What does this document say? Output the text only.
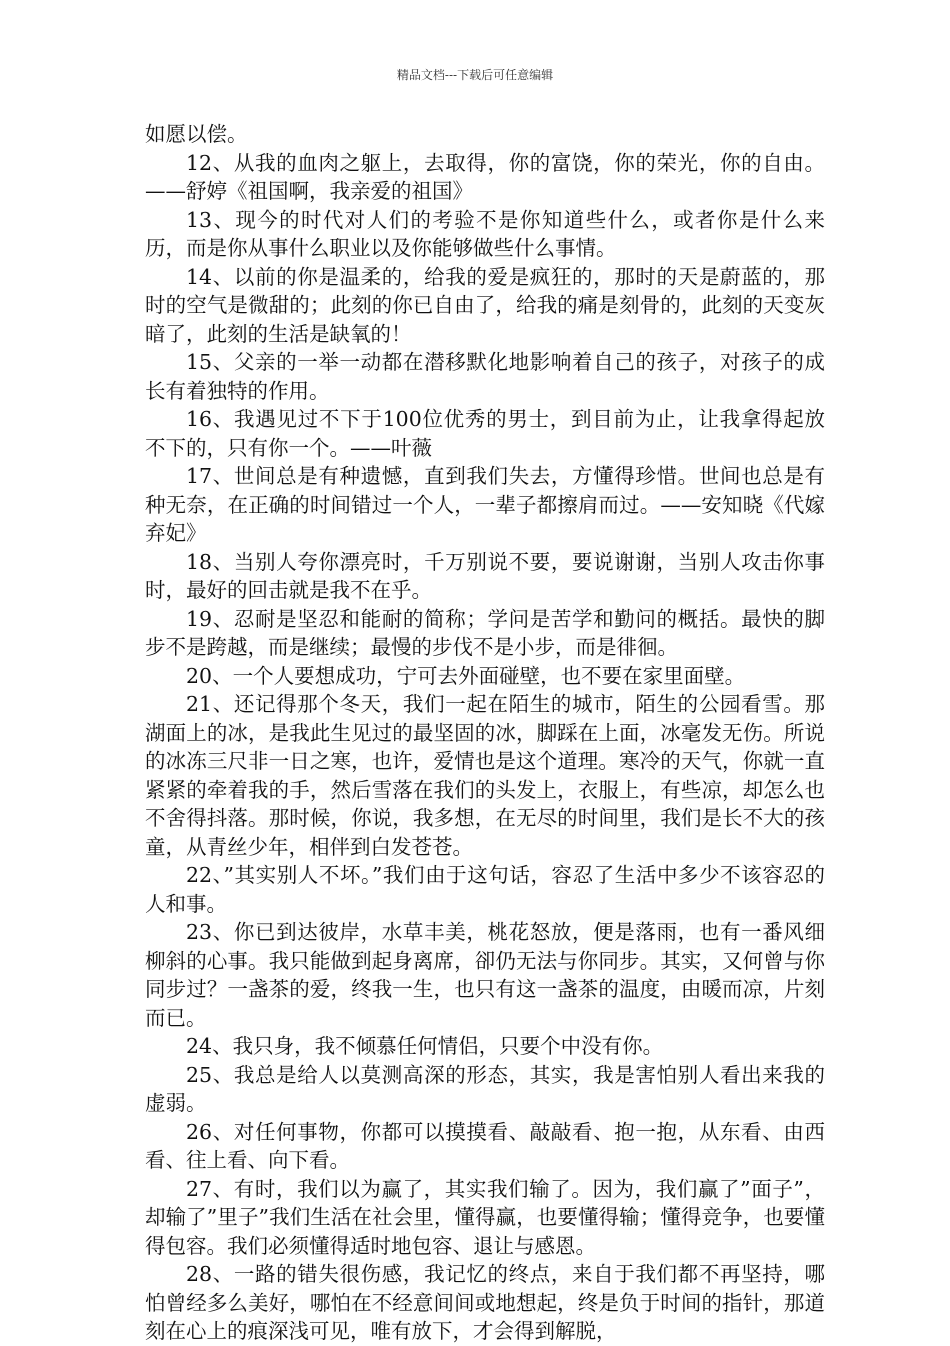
精品文档---下载后可任意编辑

如愿以偿。

12、从我的血肉之躯上，去取得，你的富饶，你的荣光，你的自由。——舒婷《祖国啊，我亲爱的祖国》

13、现今的时代对人们的考验不是你知道些什么，或者你是什么来历，而是你从事什么职业以及你能够做些什么事情。

14、以前的你是温柔的，给我的爱是疯狂的，那时的天是蔚蓝的，那时的空气是微甜的；此刻的你已自由了，给我的痛是刻骨的，此刻的天变灰暗了，此刻的生活是缺氧的！

15、父亲的一举一动都在潜移默化地影响着自己的孩子，对孩子的成长有着独特的作用。

16、我遇见过不下于100位优秀的男士，到目前为止，让我拿得起放不下的，只有你一个。——叶薇

17、世间总是有种遗憾，直到我们失去，方懂得珍惜。世间也总是有种无奈，在正确的时间错过一个人，一辈子都擦肩而过。——安知晓《代嫁弃妃》

18、当别人夸你漂亮时，千万别说不要，要说谢谢，当别人攻击你事时，最好的回击就是我不在乎。

19、忍耐是坚忍和能耐的简称；学问是苦学和勤问的概括。最快的脚步不是跨越，而是继续；最慢的步伐不是小步，而是徘徊。

20、一个人要想成功，宁可去外面碰壁，也不要在家里面壁。

21、还记得那个冬天，我们一起在陌生的城市，陌生的公园看雪。那湖面上的冰，是我此生见过的最坚固的冰，脚踩在上面，冰毫发无伤。所说的冰冻三尺非一日之寒，也许，爱情也是这个道理。寒冷的天气，你就一直紧紧的牵着我的手，然后雪落在我们的头发上，衣服上，有些凉，却怎么也不舍得抖落。那时候，你说，我多想，在无尽的时间里，我们是长不大的孩童，从青丝少年，相伴到白发苍苍。

22、”其实别人不坏。”我们由于这句话，容忍了生活中多少不该容忍的人和事。

23、你已到达彼岸，水草丰美，桃花怒放，便是落雨，也有一番风细柳斜的心事。我只能做到起身离席，卻仍无法与你同步。其实，又何曾与你同步过？一盏茶的爱，终我一生，也只有这一盏茶的温度，由暖而凉，片刻而已。

24、我只身，我不倾慕任何情侣，只要个中没有你。

25、我总是给人以莫测高深的形态，其实，我是害怕别人看出来我的虚弱。

26、对任何事物，你都可以摸摸看、敲敲看、抱一抱，从东看、由西看、往上看、向下看。

27、有时，我们以为赢了，其实我们输了。因为，我们赢了”面子”，却输了”里子”我们生活在社会里，懂得赢，也要懂得输；懂得竞争，也要懂得包容。我们必须懂得适时地包容、退让与感恩。

28、一路的错失很伤感，我记忆的终点，来自于我们都不再坚持，哪怕曾经多么美好，哪怕在不经意间间或地想起，终是负于时间的指针，那道刻在心上的痕深浅可见，唯有放下，才会得到解脱，
